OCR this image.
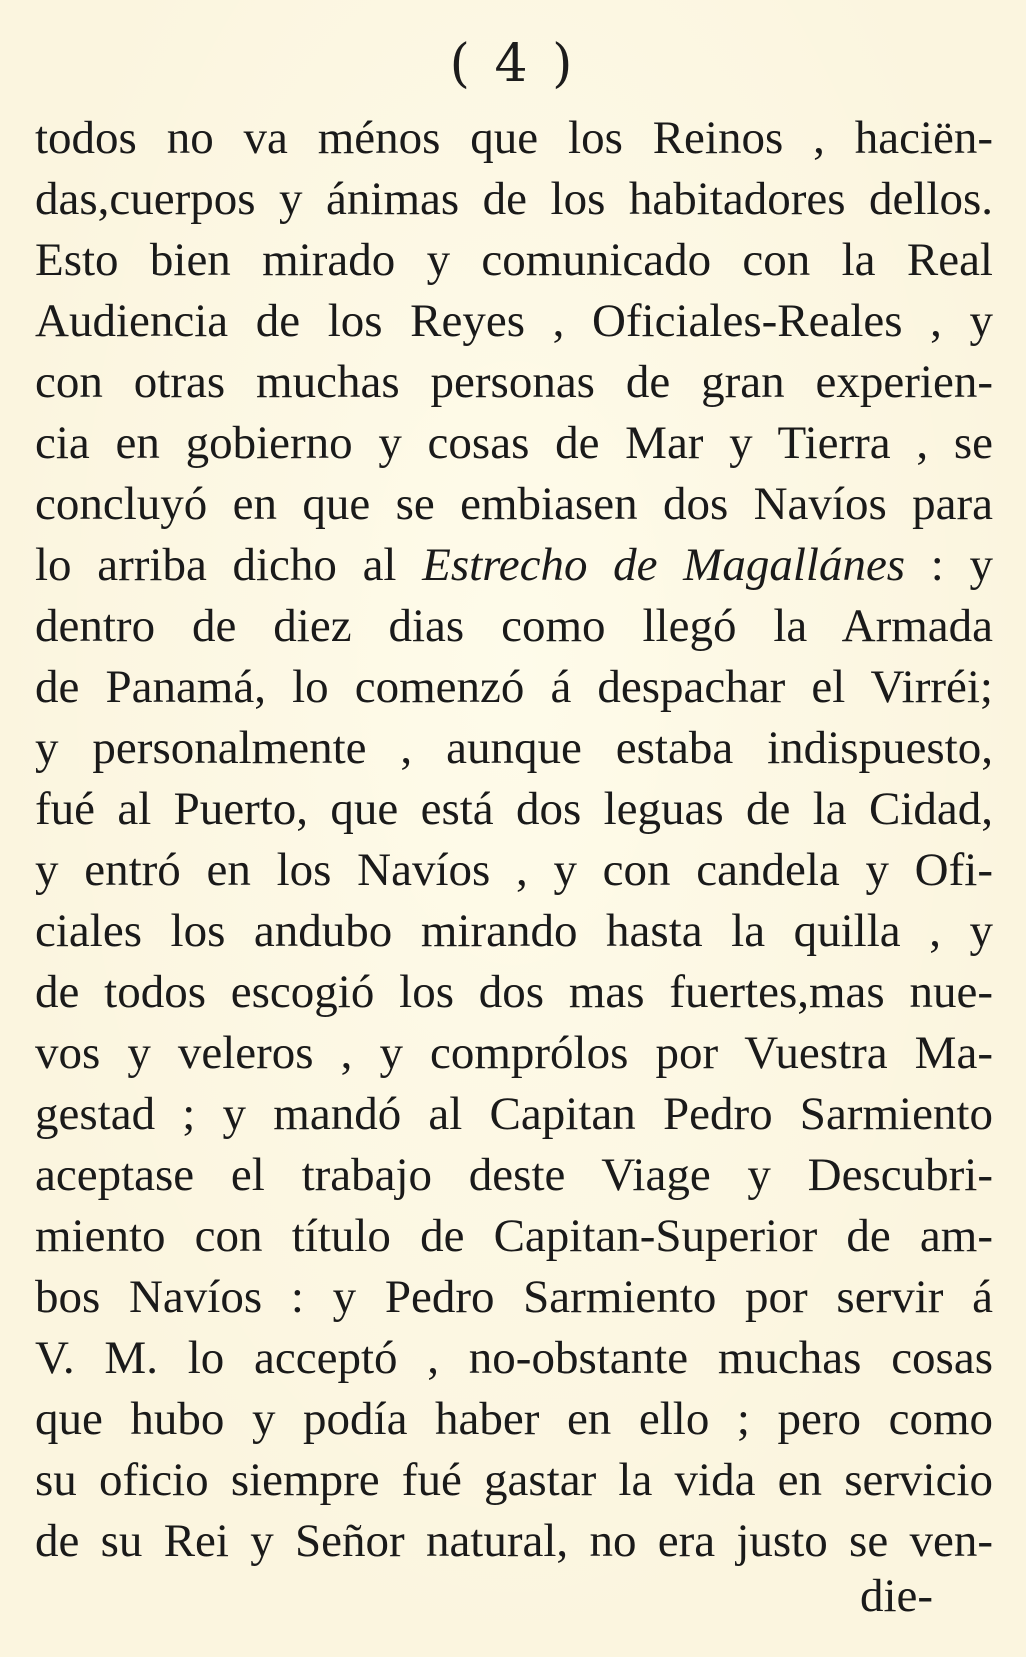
( 4 )
todos no va ménos que los Reinos , haciën-
das,cuerpos y ánimas de los habitadores dellos.
Esto bien mirado y comunicado con la Real
Audiencia de los Reyes , Oficiales-Reales , y
con otras muchas personas de gran experien-
cia en gobierno y cosas de Mar y Tierra , se
concluyó en que se embiasen dos Navíos para
lo arriba dicho al Estrecho de Magallánes : y
dentro de diez dias como llegó la Armada
de Panamá, lo comenzó á despachar el Virréi;
y personalmente , aunque estaba indispuesto,
fué al Puerto, que está dos leguas de la Cidad,
y entró en los Navíos , y con candela y Ofi-
ciales los andubo mirando hasta la quilla , y
de todos escogió los dos mas fuertes,mas nue-
vos y veleros , y comprólos por Vuestra Ma-
gestad ; y mandó al Capitan Pedro Sarmiento
aceptase el trabajo deste Viage y Descubri-
miento con título de Capitan-Superior de am-
bos Navíos : y Pedro Sarmiento por servir á
V. M. lo acceptó , no-obstante muchas cosas
que hubo y podía haber en ello ; pero como
su oficio siempre fué gastar la vida en servicio
de su Rei y Señor natural, no era justo se ven-
die-
